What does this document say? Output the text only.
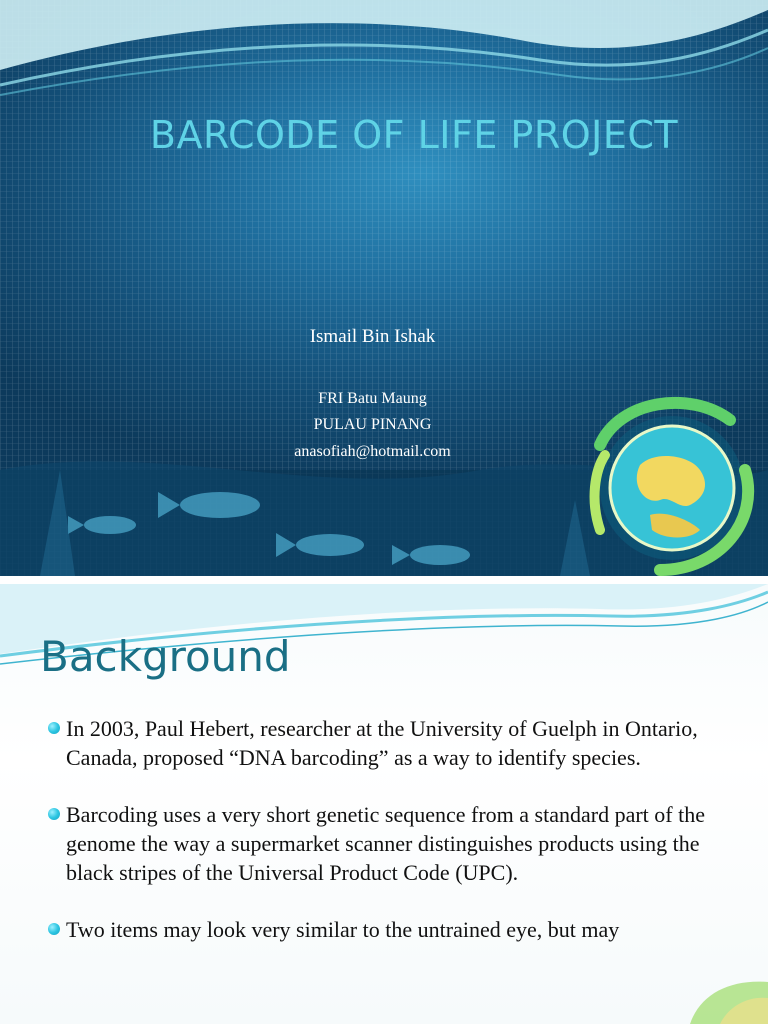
BARCODE OF LIFE PROJECT
Ismail Bin Ishak
FRI Batu Maung
PULAU PINANG
anasofiah@hotmail.com
Background
In 2003, Paul Hebert, researcher at the University of Guelph in Ontario, Canada, proposed “DNA barcoding” as a way to identify species.
Barcoding uses a very short genetic sequence from a standard part of the genome the way a supermarket scanner distinguishes products using the black stripes of the Universal Product Code (UPC).
Two items may look very similar to the untrained eye, but may
